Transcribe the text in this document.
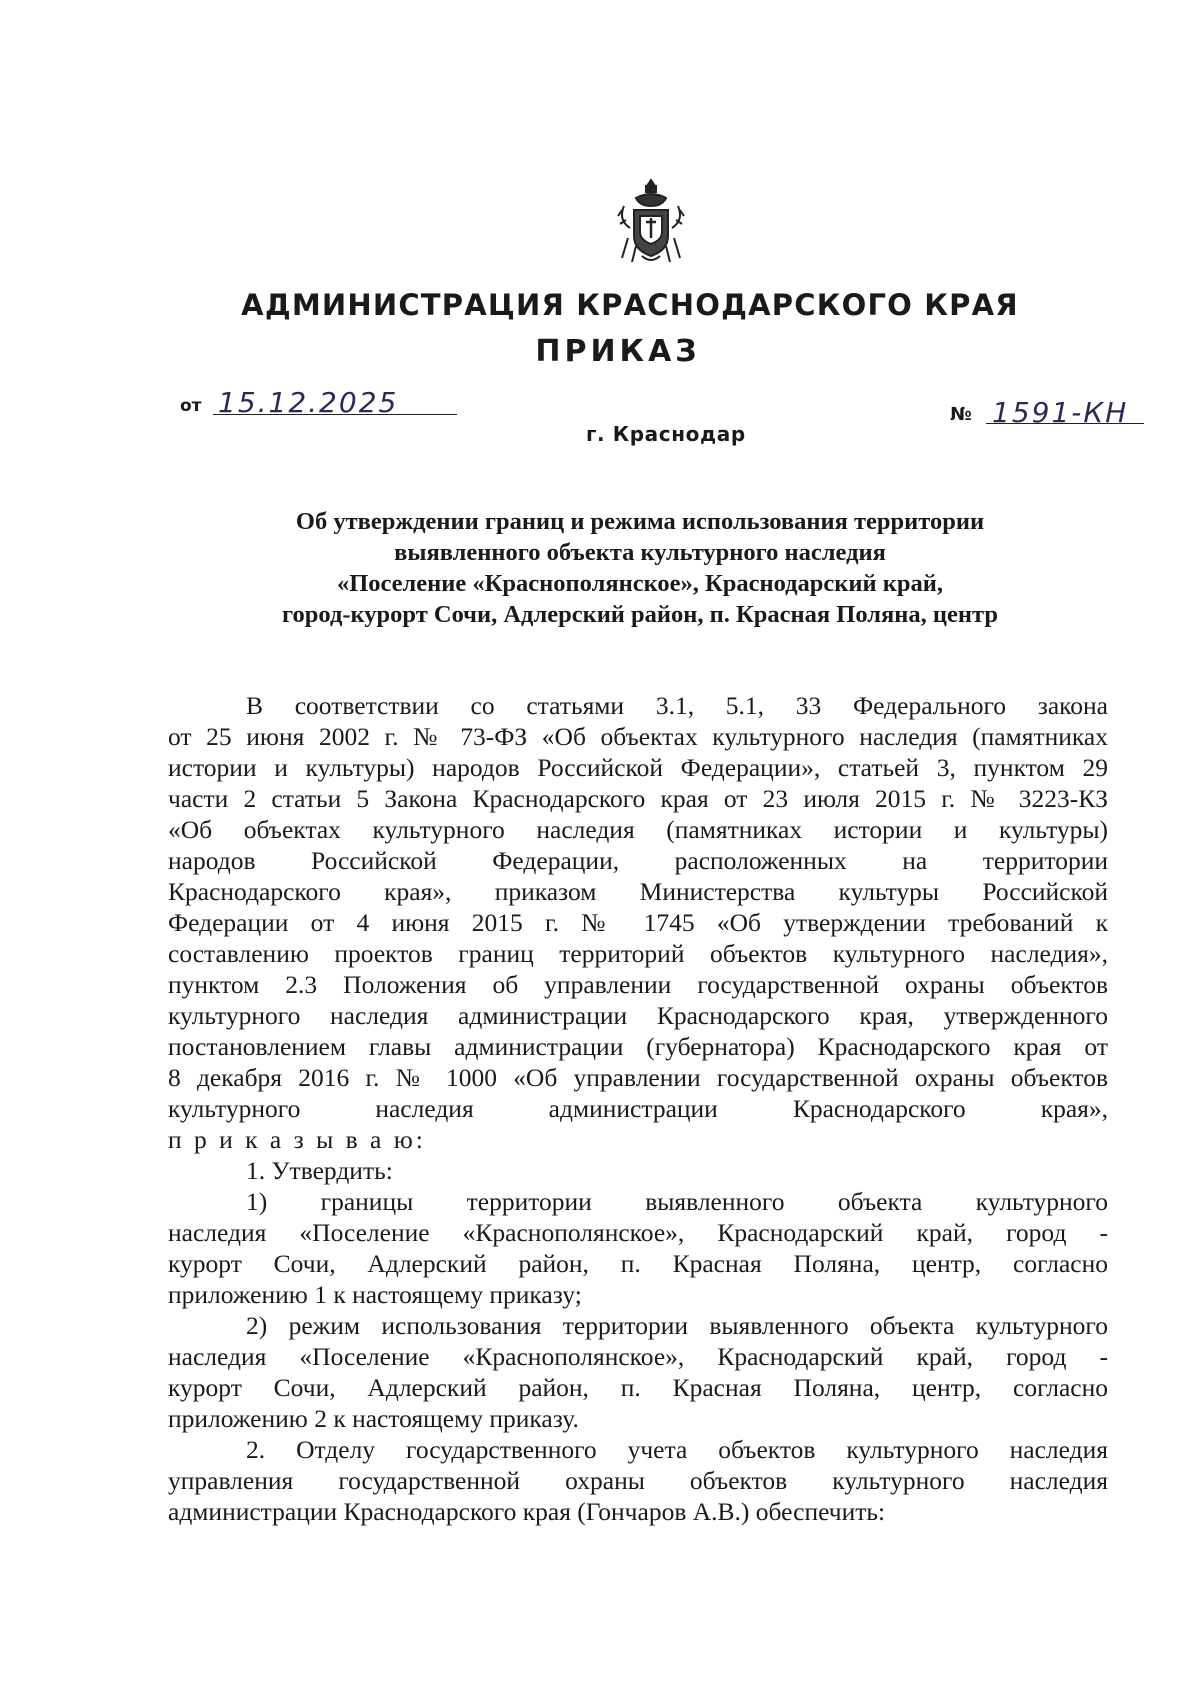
АДМИНИСТРАЦИЯ КРАСНОДАРСКОГО КРАЯ
ПРИКАЗ
от 15.12.2025
г. Краснодар
№ 1591-КН
Об утверждении границ и режима использования территории
выявленного объекта культурного наследия
«Поселение «Краснополянское», Краснодарский край,
город-курорт Сочи, Адлерский район, п. Красная Поляна, центр

В соответствии со статьями 3.1, 5.1, 33 Федерального закона

от 25 июня 2002 г. № 73-ФЗ «Об объектах культурного наследия (памятниках

истории и культуры) народов Российской Федерации», статьей 3, пунктом 29

части 2 статьи 5 Закона Краснодарского края от 23 июля 2015 г. № 3223-КЗ

«Об объектах культурного наследия (памятниках истории и культуры)

народов Российской Федерации, расположенных на территории

Краснодарского края», приказом Министерства культуры Российской

Федерации от 4 июня 2015 г. № 1745 «Об утверждении требований к

составлению проектов границ территорий объектов культурного наследия»,

пунктом 2.3 Положения об управлении государственной охраны объектов

культурного наследия администрации Краснодарского края, утвержденного

постановлением главы администрации (губернатора) Краснодарского края от

8 декабря 2016 г. № 1000 «Об управлении государственной охраны объектов

культурного наследия администрации Краснодарского края»,

п р и к а з ы в а ю:

1. Утвердить:

1) границы территории выявленного объекта культурного

наследия «Поселение «Краснополянское», Краснодарский край, город -

курорт Сочи, Адлерский район, п. Красная Поляна, центр, согласно

приложению 1 к настоящему приказу;

2) режим использования территории выявленного объекта культурного

наследия «Поселение «Краснополянское», Краснодарский край, город -

курорт Сочи, Адлерский район, п. Красная Поляна, центр, согласно

приложению 2 к настоящему приказу.

2. Отделу государственного учета объектов культурного наследия

управления государственной охраны объектов культурного наследия

администрации Краснодарского края (Гончаров А.В.) обеспечить:
